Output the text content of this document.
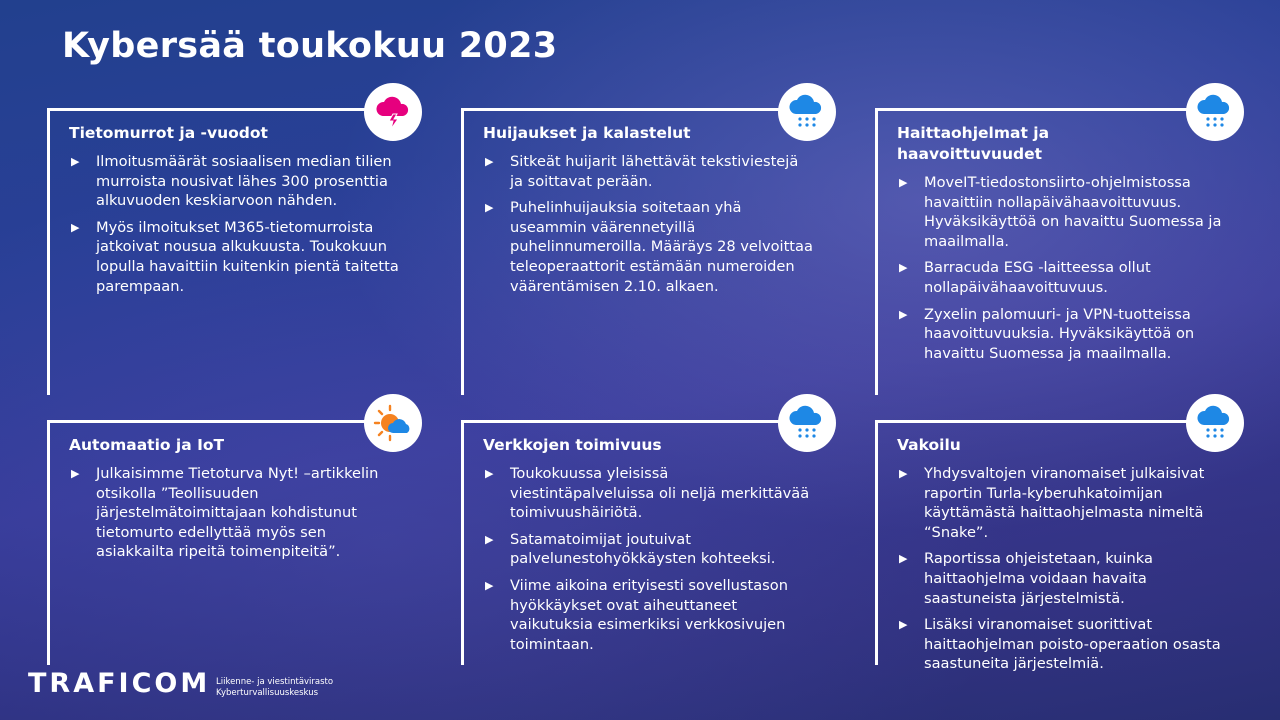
Kybersää toukokuu 2023
Tietomurrot ja -vuodot
▶ Ilmoitusmäärät sosiaalisen median tilien murroista nousivat lähes 300 prosenttia alkuvuoden keskiarvoon nähden.
▶ Myös ilmoitukset M365-tietomurroista jatkoivat nousua alkukuusta. Toukokuun lopulla havaittiin kuitenkin pientä taitetta parempaan.
Huijaukset ja kalastelut
▶ Sitkeät huijarit lähettävät tekstiviestejä ja soittavat perään.
▶ Puhelinhuijauksia soitetaan yhä useammin väärennetyillä puhelinnumeroilla. Määräys 28 velvoittaa teleoperaattorit estämään numeroiden väärentämisen 2.10. alkaen.
Haittaohjelmat ja haavoittuvuudet
▶ MoveIT-tiedostonsiirto-ohjelmistossa havaittiin nollapäivähaavoittuvuus. Hyväksikäyttöä on havaittu Suomessa ja maailmalla.
▶ Barracuda ESG -laitteessa ollut nollapäivähaavoittuvuus.
▶ Zyxelin palomuuri- ja VPN-tuotteissa haavoittuvuuksia. Hyväksikäyttöä on havaittu Suomessa ja maailmalla.
Automaatio ja IoT
▶ Julkaisimme Tietoturva Nyt! –artikkelin otsikolla ”Teollisuuden järjestelmätoimittajaan kohdistunut tietomurto edellyttää myös sen asiakkailta ripeitä toimenpiteitä”.
Verkkojen toimivuus
▶ Toukokuussa yleisissä viestintäpalveluissa oli neljä merkittävää toimivuushäiriötä.
▶ Satamatoimijat joutuivat palvelunestohyökkäysten kohteeksi.
▶ Viime aikoina erityisesti sovellustason hyökkäykset ovat aiheuttaneet vaikutuksia esimerkiksi verkkosivujen toimintaan.
Vakoilu
▶ Yhdysvaltojen viranomaiset julkaisivat raportin Turla-kyberuhkatoimijan käyttämästä haittaohjelmasta nimeltä “Snake”.
▶ Raportissa ohjeistetaan, kuinka haittaohjelma voidaan havaita saastuneista järjestelmistä.
▶ Lisäksi viranomaiset suorittivat haittaohjelman poisto-operaation osasta saastuneita järjestelmiä.
TRAFICOM Liikenne- ja viestintävirasto
Kyberturvallisuuskeskus
